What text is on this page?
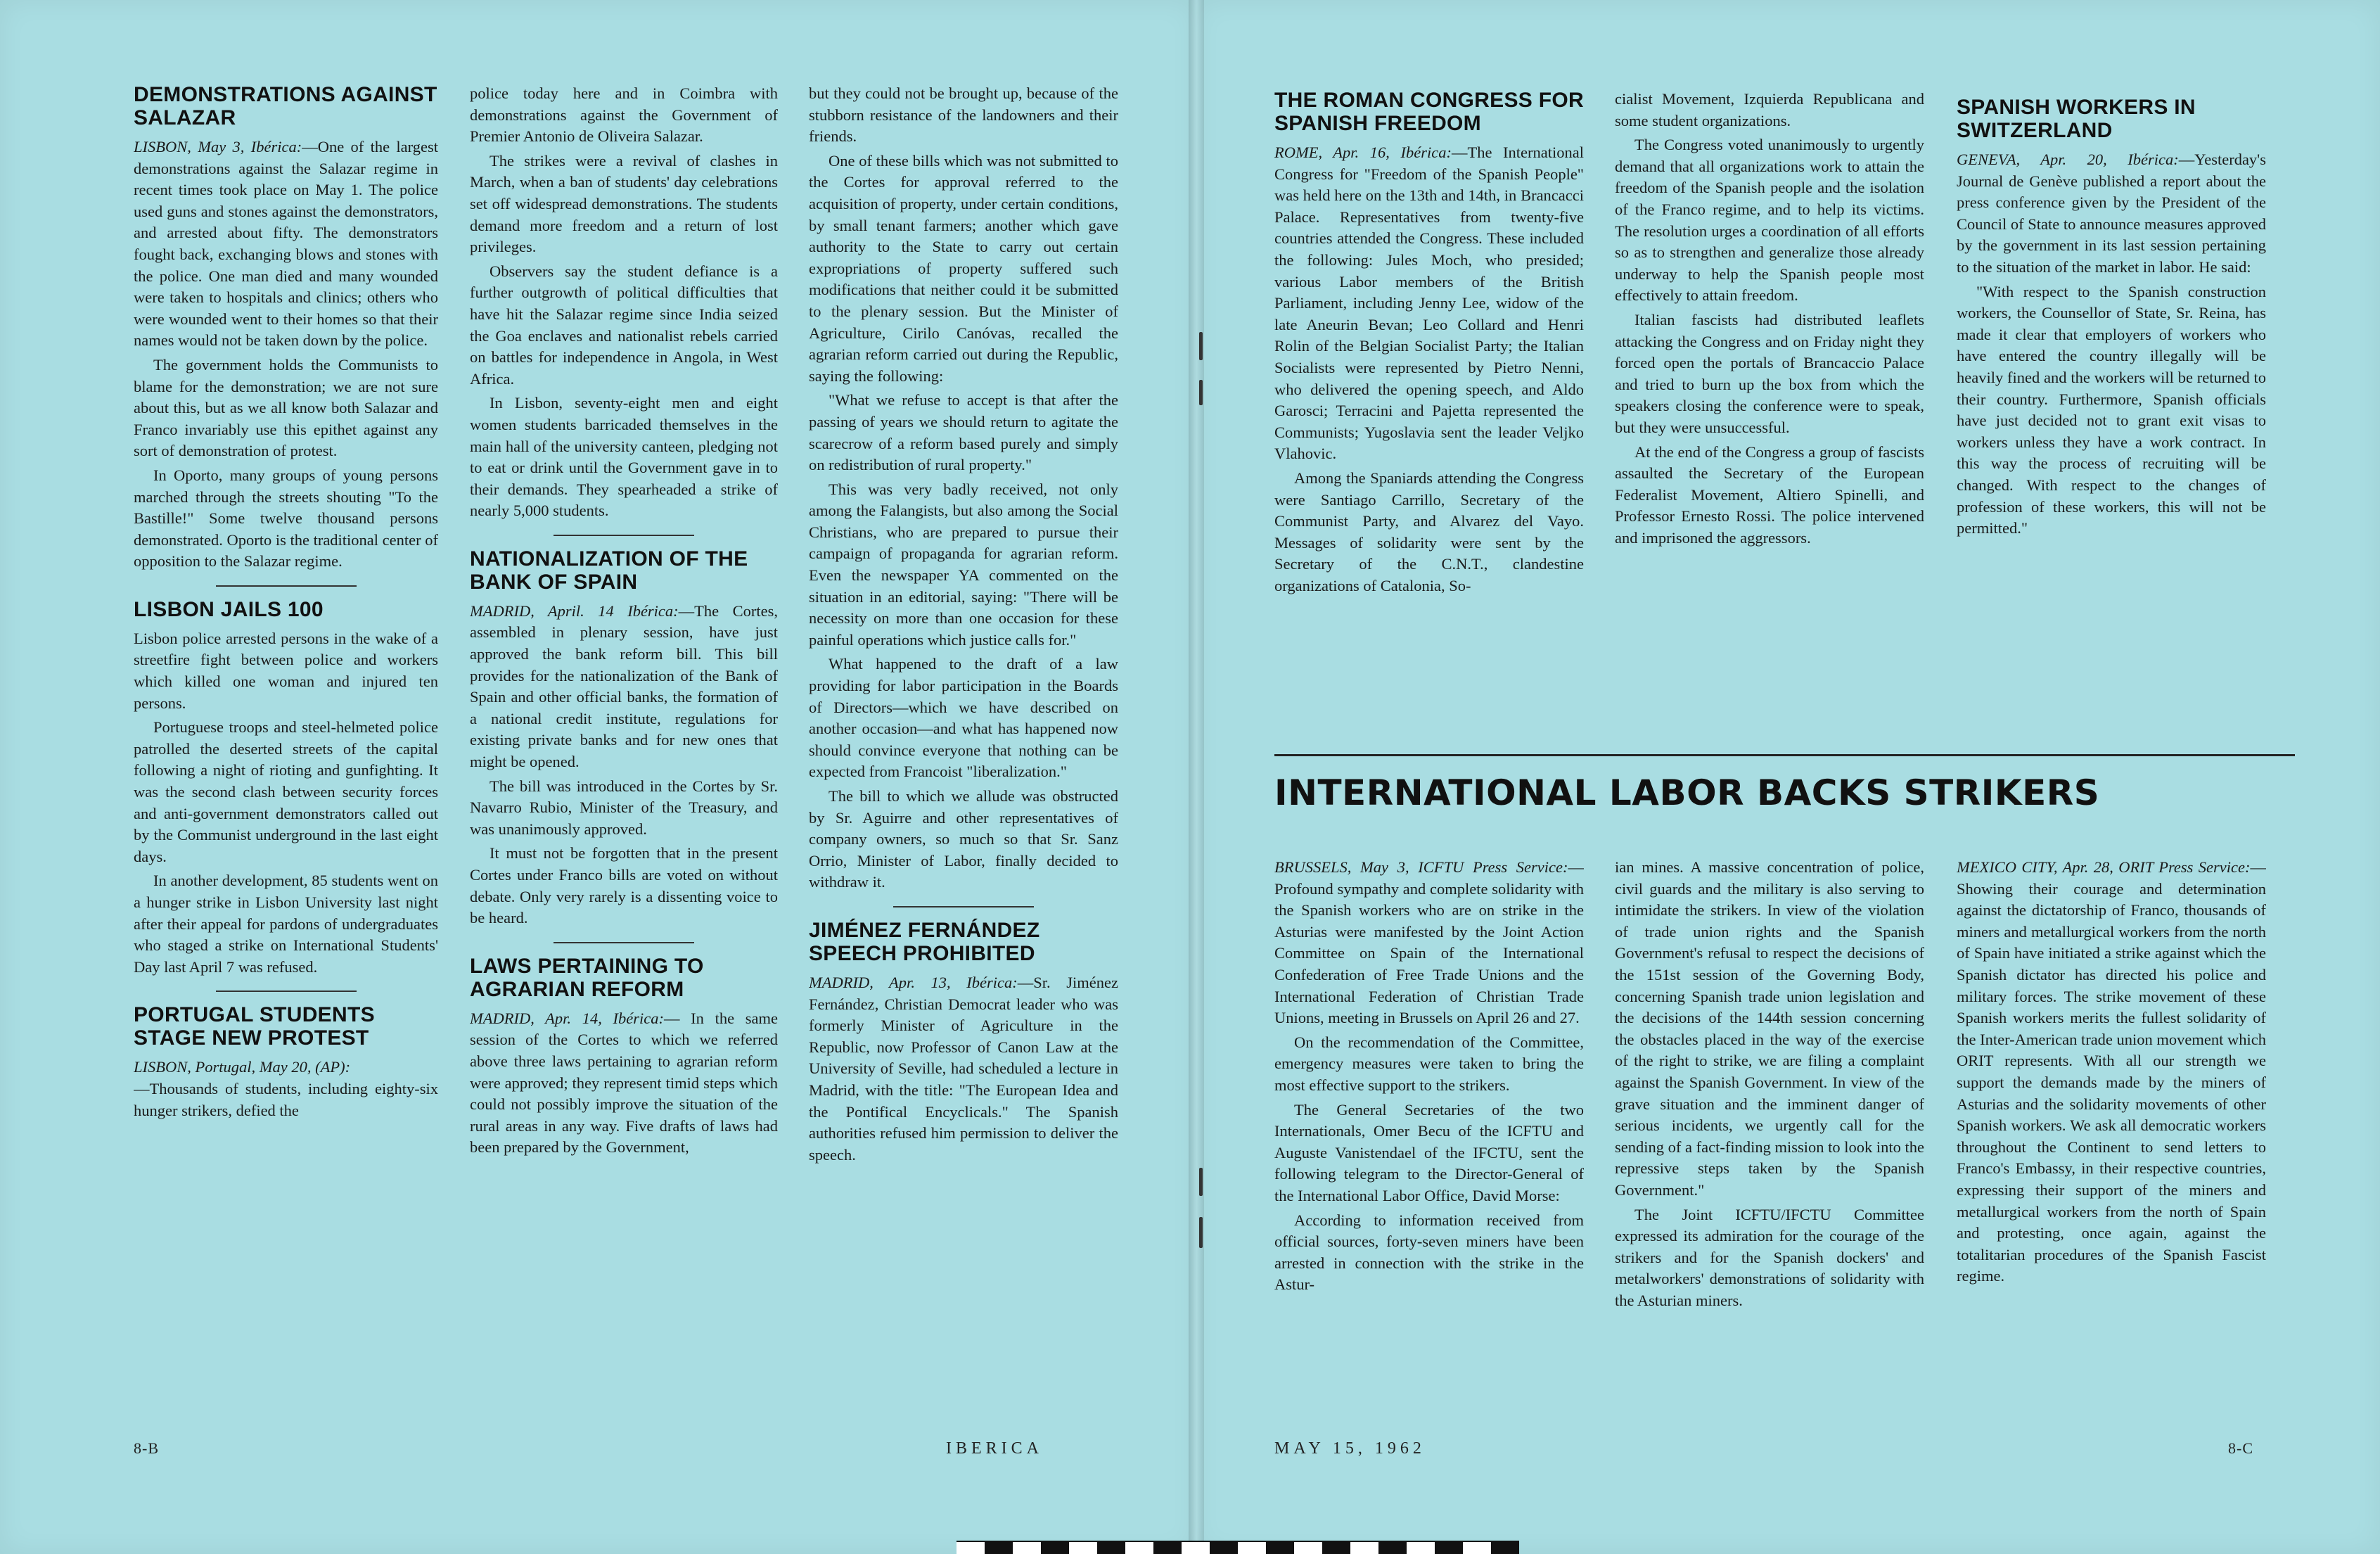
DEMONSTRATIONS AGAINST SALAZAR

LISBON, May 3, Ibérica:—One of the largest demonstrations against the Salazar regime in recent times took place on May 1. The police used guns and stones against the demonstrators, and arrested about fifty. The demonstrators fought back, exchanging blows and stones with the police. One man died and many wounded were taken to hospitals and clinics; others who were wounded went to their homes so that their names would not be taken down by the police.

The government holds the Communists to blame for the demonstration; we are not sure about this, but as we all know both Salazar and Franco invariably use this epithet against any sort of demonstration of protest.

In Oporto, many groups of young persons marched through the streets shouting "To the Bastille!" Some twelve thousand persons demonstrated. Oporto is the traditional center of opposition to the Salazar regime.

LISBON JAILS 100

Lisbon police arrested persons in the wake of a streetfire fight between police and workers which killed one woman and injured ten persons.

Portuguese troops and steel-helmeted police patrolled the deserted streets of the capital following a night of rioting and gunfighting. It was the second clash between security forces and anti-government demonstrators called out by the Communist underground in the last eight days.

In another development, 85 students went on a hunger strike in Lisbon University last night after their appeal for pardons of undergraduates who staged a strike on International Students' Day last April 7 was refused.

PORTUGAL STUDENTS STAGE NEW PROTEST

LISBON, Portugal, May 20, (AP):
—Thousands of students, including eighty-six hunger strikers, defied the

police today here and in Coimbra with demonstrations against the Government of Premier Antonio de Oliveira Salazar.

The strikes were a revival of clashes in March, when a ban of students' day celebrations set off widespread demonstrations. The students demand more freedom and a return of lost privileges.

Observers say the student defiance is a further outgrowth of political difficulties that have hit the Salazar regime since India seized the Goa enclaves and nationalist rebels carried on battles for independence in Angola, in West Africa.

In Lisbon, seventy-eight men and eight women students barricaded themselves in the main hall of the university canteen, pledging not to eat or drink until the Government gave in to their demands. They spearheaded a strike of nearly 5,000 students.

NATIONALIZATION OF THE BANK OF SPAIN

MADRID, April. 14 Ibérica:—The Cortes, assembled in plenary session, have just approved the bank reform bill. This bill provides for the nationalization of the Bank of Spain and other official banks, the formation of a national credit institute, regulations for existing private banks and for new ones that might be opened.

The bill was introduced in the Cortes by Sr. Navarro Rubio, Minister of the Treasury, and was unanimously approved.

It must not be forgotten that in the present Cortes under Franco bills are voted on without debate. Only very rarely is a dissenting voice to be heard.

LAWS PERTAINING TO AGRARIAN REFORM

MADRID, Apr. 14, Ibérica:— In the same session of the Cortes to which we referred above three laws pertaining to agrarian reform were approved; they represent timid steps which could not possibly improve the situation of the rural areas in any way. Five drafts of laws had been prepared by the Government,

but they could not be brought up, because of the stubborn resistance of the landowners and their friends.

One of these bills which was not submitted to the Cortes for approval referred to the acquisition of property, under certain conditions, by small tenant farmers; another which gave authority to the State to carry out certain expropriations of property suffered such modifications that neither could it be submitted to the plenary session. But the Minister of Agriculture, Cirilo Canóvas, recalled the agrarian reform carried out during the Republic, saying the following:

"What we refuse to accept is that after the passing of years we should return to agitate the scarecrow of a reform based purely and simply on redistribution of rural property."

This was very badly received, not only among the Falangists, but also among the Social Christians, who are prepared to pursue their campaign of propaganda for agrarian reform. Even the newspaper YA commented on the situation in an editorial, saying: "There will be necessity on more than one occasion for these painful operations which justice calls for."

What happened to the draft of a law providing for labor participation in the Boards of Directors—which we have described on another occasion—and what has happened now should convince everyone that nothing can be expected from Francoist "liberalization."

The bill to which we allude was obstructed by Sr. Aguirre and other representatives of company owners, so much so that Sr. Sanz Orrio, Minister of Labor, finally decided to withdraw it.

JIMÉNEZ FERNÁNDEZ SPEECH PROHIBITED

MADRID, Apr. 13, Ibérica:—Sr. Jiménez Fernández, Christian Democrat leader who was formerly Minister of Agriculture in the Republic, now Professor of Canon Law at the University of Seville, had scheduled a lecture in Madrid, with the title: "The European Idea and the Pontifical Encyclicals." The Spanish authorities refused him permission to deliver the speech.

THE ROMAN CONGRESS FOR SPANISH FREEDOM

ROME, Apr. 16, Ibérica:—The International Congress for "Freedom of the Spanish People" was held here on the 13th and 14th, in Brancacci Palace. Representatives from twenty-five countries attended the Congress. These included the following: Jules Moch, who presided; various Labor members of the British Parliament, including Jenny Lee, widow of the late Aneurin Bevan; Leo Collard and Henri Rolin of the Belgian Socialist Party; the Italian Socialists were represented by Pietro Nenni, who delivered the opening speech, and Aldo Garosci; Terracini and Pajetta represented the Communists; Yugoslavia sent the leader Veljko Vlahovic.

Among the Spaniards attending the Congress were Santiago Carrillo, Secretary of the Communist Party, and Alvarez del Vayo. Messages of solidarity were sent by the Secretary of the C.N.T., clandestine organizations of Catalonia, So-

cialist Movement, Izquierda Republicana and some student organizations.

The Congress voted unanimously to urgently demand that all organizations work to attain the freedom of the Spanish people and the isolation of the Franco regime, and to help its victims. The resolution urges a coordination of all efforts so as to strengthen and generalize those already underway to help the Spanish people most effectively to attain freedom.

Italian fascists had distributed leaflets attacking the Congress and on Friday night they forced open the portals of Brancaccio Palace and tried to burn up the box from which the speakers closing the conference were to speak, but they were unsuccessful.

At the end of the Congress a group of fascists assaulted the Secretary of the European Federalist Movement, Altiero Spinelli, and Professor Ernesto Rossi. The police intervened and imprisoned the aggressors.

SPANISH WORKERS IN SWITZERLAND

GENEVA, Apr. 20, Ibérica:—Yesterday's Journal de Genève published a report about the press conference given by the President of the Council of State to announce measures approved by the government in its last session pertaining to the situation of the market in labor. He said:

"With respect to the Spanish construction workers, the Counsellor of State, Sr. Reina, has made it clear that employers of workers who have entered the country illegally will be heavily fined and the workers will be returned to their country. Furthermore, Spanish officials have just decided not to grant exit visas to workers unless they have a work contract. In this way the process of recruiting will be changed. With respect to the changes of profession of these workers, this will not be permitted."

INTERNATIONAL LABOR BACKS STRIKERS

BRUSSELS, May 3, ICFTU Press Service:—Profound sympathy and complete solidarity with the Spanish workers who are on strike in the Asturias were manifested by the Joint Action Committee on Spain of the International Confederation of Free Trade Unions and the International Federation of Christian Trade Unions, meeting in Brussels on April 26 and 27.

On the recommendation of the Committee, emergency measures were taken to bring the most effective support to the strikers.

The General Secretaries of the two Internationals, Omer Becu of the ICFTU and Auguste Vanistendael of the IFCTU, sent the following telegram to the Director-General of the International Labor Office, David Morse:

According to information received from official sources, forty-seven miners have been arrested in connection with the strike in the Astur-

ian mines. A massive concentration of police, civil guards and the military is also serving to intimidate the strikers. In view of the violation of trade union rights and the Spanish Government's refusal to respect the decisions of the 151st session of the Governing Body, concerning Spanish trade union legislation and the decisions of the 144th session concerning the obstacles placed in the way of the exercise of the right to strike, we are filing a complaint against the Spanish Government. In view of the grave situation and the imminent danger of serious incidents, we urgently call for the sending of a fact-finding mission to look into the repressive steps taken by the Spanish Government."

The Joint ICFTU/IFCTU Committee expressed its admiration for the courage of the strikers and for the Spanish dockers' and metalworkers' demonstrations of solidarity with the Asturian miners.

MEXICO CITY, Apr. 28, ORIT Press Service:—Showing their courage and determination against the dictatorship of Franco, thousands of miners and metallurgical workers from the north of Spain have initiated a strike against which the Spanish dictator has directed his police and military forces. The strike movement of these Spanish workers merits the fullest solidarity of the Inter-American trade union movement which ORIT represents. With all our strength we support the demands made by the miners of Asturias and the solidarity movements of other Spanish workers. We ask all democratic workers throughout the Continent to send letters to Franco's Embassy, in their respective countries, expressing their support of the miners and metallurgical workers from the north of Spain and protesting, once again, against the totalitarian procedures of the Spanish Fascist regime.

8-B	IBERICA	MAY 15, 1962	8-C
